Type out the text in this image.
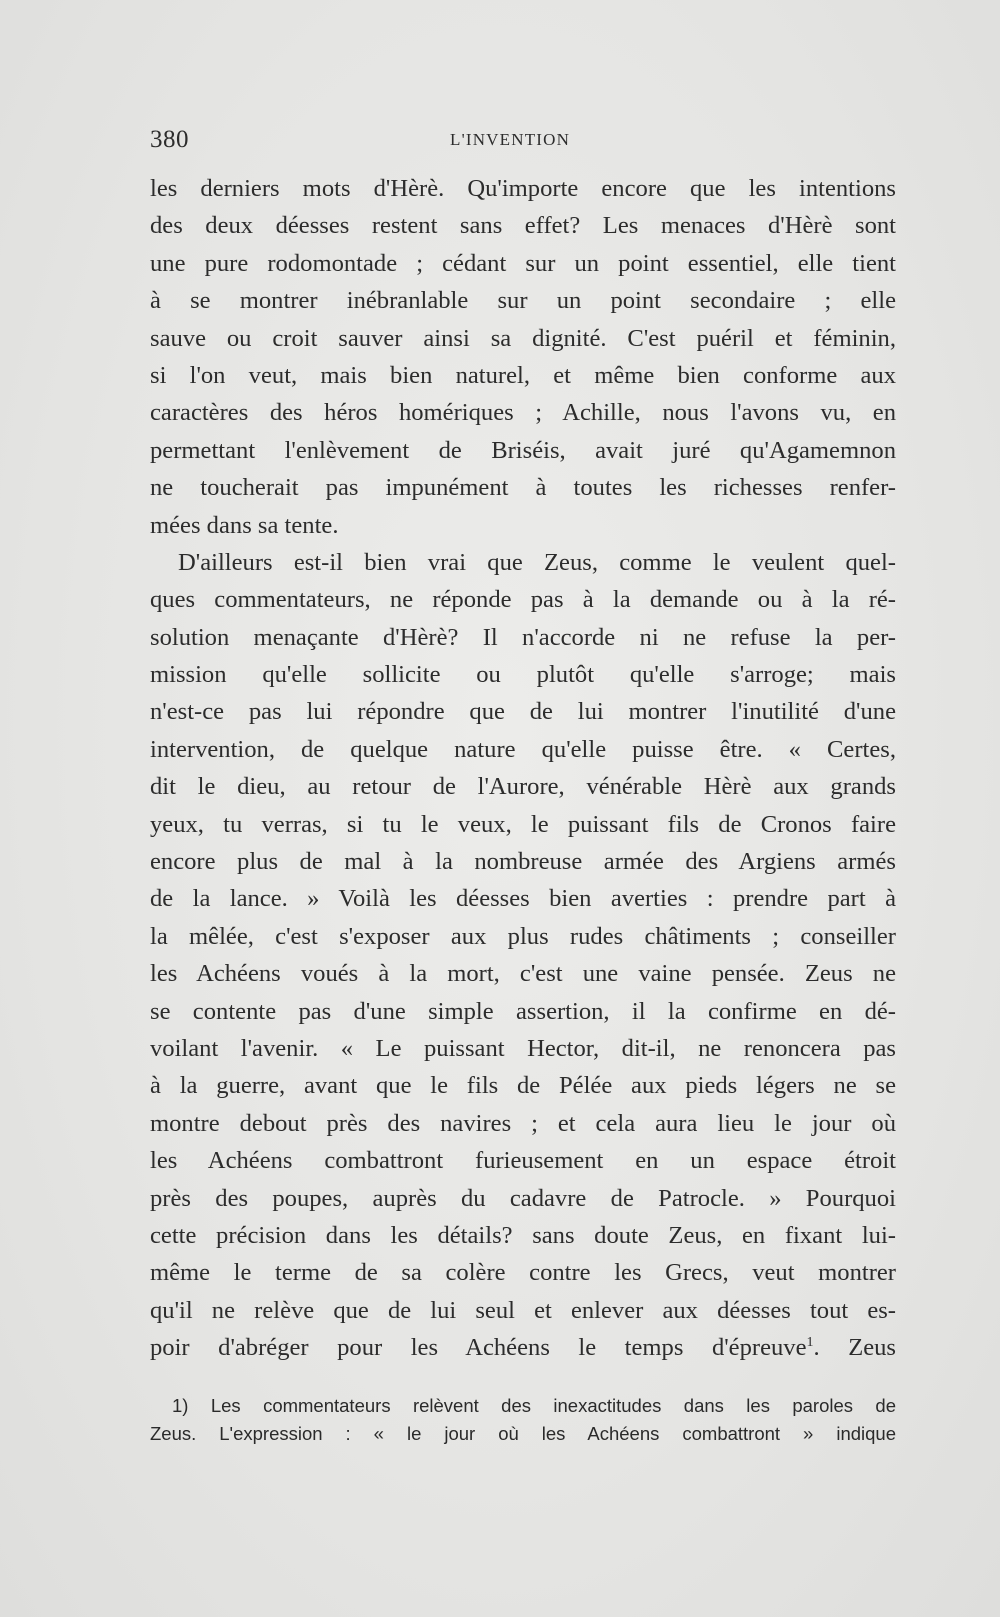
380	L'INVENTION
les derniers mots d'Hèrè. Qu'importe encore que les intentions
des deux déesses restent sans effet? Les menaces d'Hèrè sont
une pure rodomontade ; cédant sur un point essentiel, elle tient
à se montrer inébranlable sur un point secondaire ; elle
sauve ou croit sauver ainsi sa dignité. C'est puéril et féminin,
si l'on veut, mais bien naturel, et même bien conforme aux
caractères des héros homériques ; Achille, nous l'avons vu, en
permettant l'enlèvement de Briséis, avait juré qu'Agamemnon
ne toucherait pas impunément à toutes les richesses renfer-
mées dans sa tente.
D'ailleurs est-il bien vrai que Zeus, comme le veulent quel-
ques commentateurs, ne réponde pas à la demande ou à la ré-
solution menaçante d'Hèrè? Il n'accorde ni ne refuse la per-
mission qu'elle sollicite ou plutôt qu'elle s'arroge; mais
n'est-ce pas lui répondre que de lui montrer l'inutilité d'une
intervention, de quelque nature qu'elle puisse être. « Certes,
dit le dieu, au retour de l'Aurore, vénérable Hèrè aux grands
yeux, tu verras, si tu le veux, le puissant fils de Cronos faire
encore plus de mal à la nombreuse armée des Argiens armés
de la lance. » Voilà les déesses bien averties : prendre part à
la mêlée, c'est s'exposer aux plus rudes châtiments ; conseiller
les Achéens voués à la mort, c'est une vaine pensée. Zeus ne
se contente pas d'une simple assertion, il la confirme en dé-
voilant l'avenir. « Le puissant Hector, dit-il, ne renoncera pas
à la guerre, avant que le fils de Pélée aux pieds légers ne se
montre debout près des navires ; et cela aura lieu le jour où
les Achéens combattront furieusement en un espace étroit
près des poupes, auprès du cadavre de Patrocle. » Pourquoi
cette précision dans les détails? sans doute Zeus, en fixant lui-
même le terme de sa colère contre les Grecs, veut montrer
qu'il ne relève que de lui seul et enlever aux déesses tout es-
poir d'abréger pour les Achéens le temps d'épreuve$^1$. Zeus
1) Les commentateurs relèvent des inexactitudes dans les paroles de
Zeus. L'expression : « le jour où les Achéens combattront » indique
